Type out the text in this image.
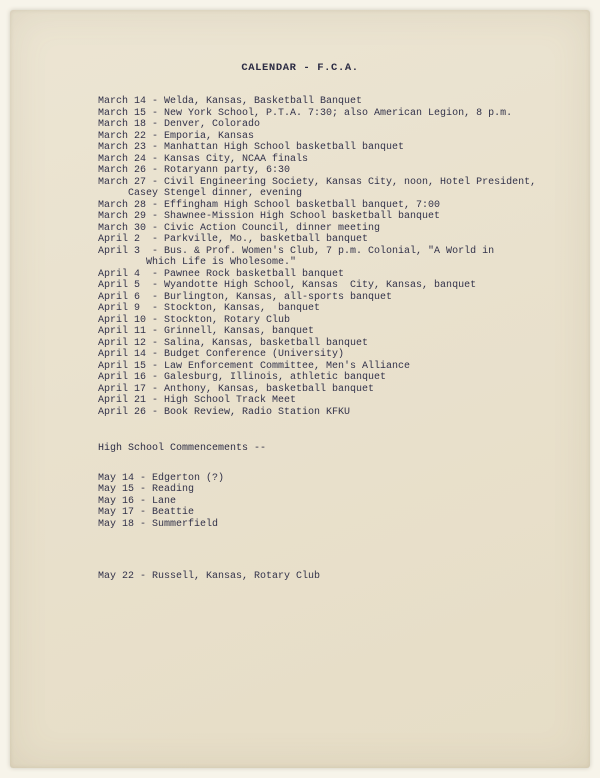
CALENDAR - F.C.A.
March 14 - Welda, Kansas, Basketball Banquet
March 15 - New York School, P.T.A. 7:30; also American Legion, 8 p.m.
March 18 - Denver, Colorado
March 22 - Emporia, Kansas
March 23 - Manhattan High School basketball banquet
March 24 - Kansas City, NCAA finals
March 26 - Rotaryann party, 6:30
March 27 - Civil Engineering Society, Kansas City, noon, Hotel President,
Casey Stengel dinner, evening
March 28 - Effingham High School basketball banquet, 7:00
March 29 - Shawnee-Mission High School basketball banquet
March 30 - Civic Action Council, dinner meeting
April 2	- Parkville, Mo., basketball banquet
April 3	- Bus. & Prof. Women's Club, 7 p.m. Colonial, "A World in
Which Life is Wholesome."
April 4	- Pawnee Rock basketball banquet
April 5	- Wyandotte High School, Kansas  City, Kansas, banquet
April 6	- Burlington, Kansas, all-sports banquet
April 9	- Stockton, Kansas,  banquet
April 10 - Stockton, Rotary Club
April 11 - Grinnell, Kansas, banquet
April 12 - Salina, Kansas, basketball banquet
April 14 - Budget Conference (University)
April 15 - Law Enforcement Committee, Men's Alliance
April 16 - Galesburg, Illinois, athletic banquet
April 17 - Anthony, Kansas, basketball banquet
April 21 - High School Track Meet
April 26 - Book Review, Radio Station KFKU
High School Commencements --
May 14 - Edgerton (?)
May 15 - Reading
May 16 - Lane
May 17 - Beattie
May 18 - Summerfield
May 22 - Russell, Kansas, Rotary Club
